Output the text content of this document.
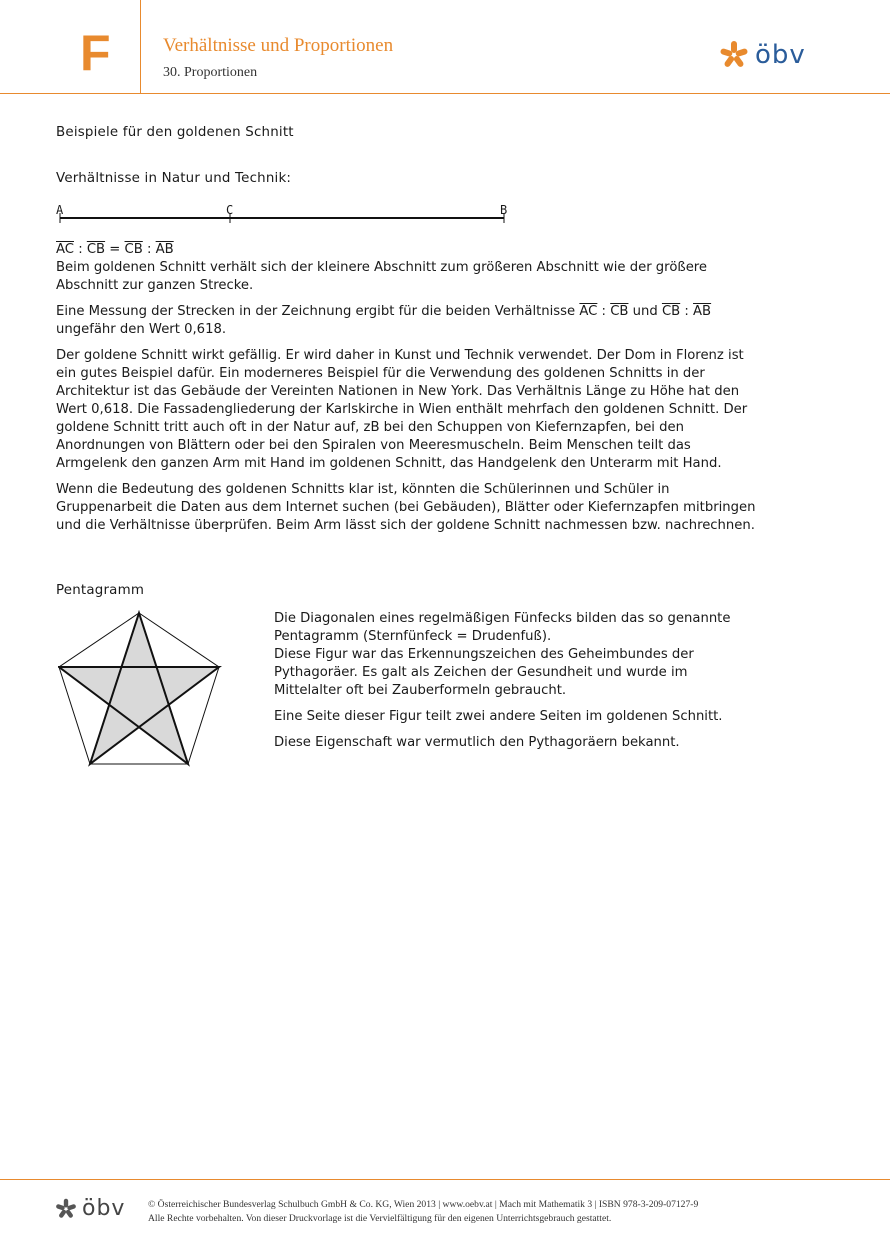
F	Verhältnisse und Proportionen
30. Proportionen
öbv
Beispiele für den goldenen Schnitt
Verhältnisse in Natur und Technik:
A	C	B

$\overline{AC}$ : $\overline{CB} = \overline{CB}$ : $\overline{AB}$

Beim goldenen Schnitt verhält sich der kleinere Abschnitt zum größeren Abschnitt wie der größere Abschnitt zur ganzen Strecke.

Eine Messung der Strecken in der Zeichnung ergibt für die beiden Verhältnisse $\overline{AC}$ : $\overline{CB}$ und $\overline{CB}$ : $\overline{AB}$ ungefähr den Wert 0,618.

Der goldene Schnitt wirkt gefällig. Er wird daher in Kunst und Technik verwendet. Der Dom in Florenz ist ein gutes Beispiel dafür. Ein moderneres Beispiel für die Verwendung des goldenen Schnitts in der Architektur ist das Gebäude der Vereinten Nationen in New York. Das Verhältnis Länge zu Höhe hat den Wert 0,618. Die Fassadengliederung der Karlskirche in Wien enthält mehrfach den goldenen Schnitt. Der goldene Schnitt tritt auch oft in der Natur auf, zB bei den Schuppen von Kiefernzapfen, bei den Anordnungen von Blättern oder bei den Spiralen von Meeresmuscheln. Beim Menschen teilt das Armgelenk den ganzen Arm mit Hand im goldenen Schnitt, das Handgelenk den Unterarm mit Hand.

Wenn die Bedeutung des goldenen Schnitts klar ist, könnten die Schülerinnen und Schüler in Gruppenarbeit die Daten aus dem Internet suchen (bei Gebäuden), Blätter oder Kiefernzapfen mitbringen und die Verhältnisse überprüfen. Beim Arm lässt sich der goldene Schnitt nachmessen bzw. nachrechnen.

Pentagramm

Die Diagonalen eines regelmäßigen Fünfecks bilden das so genannte Pentagramm (Sternfünfeck = Drudenfuß).

Diese Figur war das Erkennungszeichen des Geheimbundes der Pythagoräer. Es galt als Zeichen der Gesundheit und wurde im Mittelalter oft bei Zauberformeln gebraucht.

Eine Seite dieser Figur teilt zwei andere Seiten im goldenen Schnitt.

Diese Eigenschaft war vermutlich den Pythagoräern bekannt.

öbv © Österreichischer Bundesverlag Schulbuch GmbH & Co. KG, Wien 2013 | www.oebv.at | Mach mit Mathematik 3 | ISBN 978-3-209-07127-9
Alle Rechte vorbehalten. Von dieser Druckvorlage ist die Vervielfältigung für den eigenen Unterrichtsgebrauch gestattet.
